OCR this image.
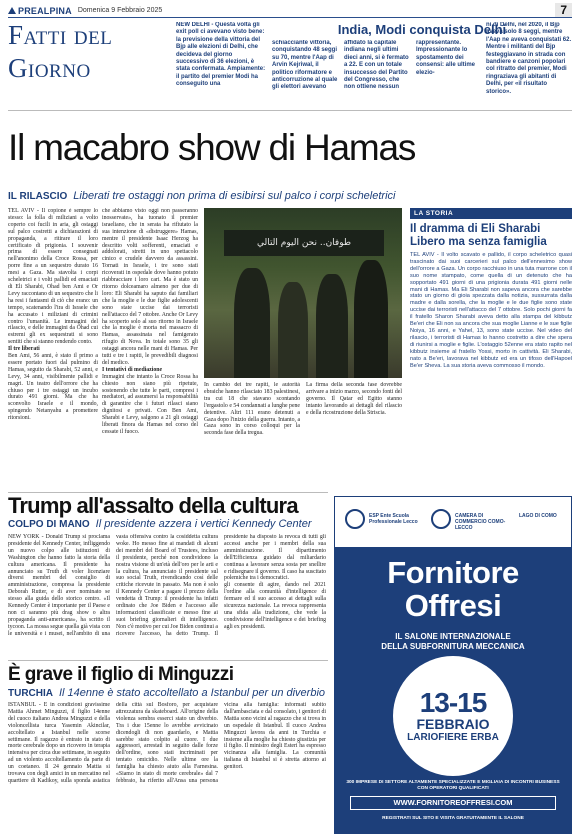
PREALPINA Domenica 9 Febbraio 2025	7
Fatti del
Giorno
NEW DELHI - Questa volta gli exit poll ci avevano visto bene: la previsione della vittoria del Bjp alle elezioni di Delhi, che decideva del giorno successivo di 36 elezioni, è stata confermata. Ampiamente: il partito del premier Modi ha conseguito una
India, Modi conquista Delhi
schiacciante vittoria, conquistando 48 seggi su 70, mentre l'Aap di Arvin Kejriwal, il politico riformatore e anticorruzione al quale gli elettori avevano affidato la capitale indiana negli ultimi dieci anni, si è fermato a 22. E con un totale insuccesso del Partito del Congresso, che non ottiene nessun rappresentante. Impressionante lo spostamento dei consensi: alle ultime elezio-
ni di Delhi, nel 2020, il Bjp aveva solo 8 seggi, mentre l'Aap ne aveva conquistati 62. Mentre i militanti del Bjp festeggiavano in strada con bandiere e canzoni popolari col ritratto del premier, Modi ringraziava gli abitanti di Delhi, per «il risultato storico».
Il macabro show di Hamas
IL RILASCIO Liberati tre ostaggi non prima di esibirsi sul palco i corpi scheletrici

TEL AVIV - Il copione è sempre lo stesso: la folla di miliziani a volto coperto coi fucili in aria, gli ostaggi sul palco costretti a dichiarazioni di propaganda, a ritirare il loro certificato di prigionia. I souvenir prima di essere consegnati nell'anonimo della Croce Rossa, per porre fine a un sequestro durato 16 mesi a Gaza. Ma stavolta i corpi scheletrici e i volti pallidi ed emaciati di Eli Sharabi, Ohad ben Ami e Or Levy raccontano di un sequestro che li ha resi i fantasmi di ciò che erano: un tempo, scatenando l'ira di Israele che ha accusato i miliziani di crimini contro l'umanità. Le immagini del rilascio, e delle immagini da Ohad cui estremi gli ex sequestrati si sono sentiti che si stanno rendendo conto.

Il tre liberati

Ben Ami, 56 anni, è stato il primo a essere portato fuori dal pulmino di Hamas, seguito da Sharabi, 52 anni, e Levy, 34 anni, visibilmente pallidi e magri. Un teatro dell'orrore che ha chiuso per i tre ostaggi un incubo durato 491 giorni. Ma che ha sconvolto Israele e il mondo, spingendo Netanyahu a promettere ritorsioni.

che abbiamo visto oggi non passeranno inosservate», ha tuonato il premier israeliano, che in serata ha rifiutato la sua intenzione di «distruggere» Hamas, mentre il presidente Isaac Herzog ha descritto volti sofferenti, emaciati e addolorati, stretti in uno spettacolo cinico e crudele davvero da assassini. Tornati in Israele, i tre sono stati ricoverati in ospedale dove hanno potuto riabbracciare i loro cari. Ma è stato un ritorno dolceamaro almeno per due di loro: Eli Sharabi ha saputo dai familiari che la moglie e le due figlie adolescenti sono state uccise dai terroristi nell'attacco del 7 ottobre. Anche Or Levy ha scoperto solo al suo ritorno in Israele che la moglie è morta nel massacro di Hamas, assassinata nel famigerato rifugio di Nova. In totale sono 35 gli ostaggi ancora nelle mani di Hamas. Per tutti e tre i rapiti, le prevedibili diagnosi del medico.

I tentativi di mediazione

Immagini che intanto la Croce Rossa ha chiesto non siano più ripetute, sostenendo che tutte le parti, compresi i mediatori, ad assumersi la responsabilità di garantire che i futuri rilasci siano dignitosi e privati. Con Ben Ami, Sharabi e Levy, salgono a 21 gli ostaggi liberati finora da Hamas nel corso del cessate il fuoco.

طوفان.. نحن اليوم التالي
In cambio dei tre rapiti, le autorità ebraiche hanno rilasciato 183 palestinesi, tra cui 18 che stavano scontando l'ergastolo e 54 condannati a lunghe pene detentive. Altri 111 erano detenuti a Gaza dopo l'inizio della guerra. Intanto, a Gaza sono in corso colloqui per la seconda fase della tregua.
La firma della seconda fase dovrebbe arrivare a inizio marzo, secondo fonti del governo. Il Qatar ed Egitto stanno intanto lavorando ai dettagli del rilascio e della ricostruzione della Striscia.
LA STORIA
Il dramma di Eli Sharabi Libero ma senza famiglia
TEL AVIV - Il volto scavato e pallido, il corpo scheletrico quasi trascinato dai suoi carcerieri sul palco dell'ennesimo show dell'orrore a Gaza. Un corpo racchiuso in una tuta marrone con il suo nome stampato, come quella di un detenuto che ha sopportato 491 giorni di una prigionia durata 491 giorni nelle mani di Hamas. Ma Eli Sharabi non sapeva ancora che sarebbe stato un giorno di gioia spezzata dalla notizia, sussurrata dalla madre e dalla sorella, che la moglie e le due figlie sono state uccise dai terroristi nell'attacco del 7 ottobre. Solo pochi giorni fa il fratello Sharon Sharabi aveva detto alla stampa del kibbutz Be'eri che Eli non sa ancora che sua moglie Lianne e le sue figlie Noiya, 16 anni, e Yahel, 13, sono state uccise. Nel video del rilascio, i terroristi di Hamas lo hanno costretto a dire che spera di riunirsi a moglie e figlie. L'ostaggio 52enne era stato rapito nel kibbutz insieme al fratello Yossi, morto in cattività. Eli Sharabi, nato a Be'eri, lavorava nel kibbutz ed era un tifoso dell'Hapoel Be'er Sheva. La sua storia aveva commosso il mondo.
Trump all'assalto della cultura
COLPO DI MANO Il presidente azzera i vertici Kennedy Center

NEW YORK - Donald Trump si proclama presidente del Kennedy Center, infliggendo un nuovo colpo alle istituzioni di Washington che hanno fatto la storia della cultura americana. Il presidente ha annunciato su Truth di voler licenziare diversi membri del consiglio di amministrazione, compresa la presidente Deborah Rutter, e di aver nominato se stesso alla guida dello storico centro. «Il Kennedy Center è importante per il Paese e non ci saranno più drag show o altra propaganda anti-americana», ha scritto il tycoon. La mossa segue quella già vista con le università e i musei, nell'ambito di una vasta offensiva contro la cosiddetta cultura woke. Ho messo fine ai mandati di alcuni dei membri del Board of Trustees, incluso il presidente, perché non condividono la nostra visione di un'età dell'oro per le arti e la cultura, ha annunciato il presidente sul suo social Truth, rivendicando così delle critiche ricevute in passato. Ma non è solo il Kennedy Center a pagare il prezzo della vendetta di Trump: il presidente ha infatti ordinato che Joe Biden e l'accesso alle informazioni classificate e messo fine ai suoi briefing giornalieri di intelligence. Non c'è motivo per cui Joe Biden continui a ricevere l'accesso, ha detto Trump. Il presidente ha disposto la revoca di tutti gli accessi anche per i membri della sua amministrazione. Il dipartimento dell'Efficienza guidato dal miliardario continua a lavorare senza sosta per snellire e ridisegnare il governo. Il caso ha suscitato polemiche tra i democratici.

gli consente di agire, dando nel 2021 l'ordine alla comunità d'intelligence di fermare ed il suo accesso ai dettagli sulla sicurezza nazionale. La revoca rappresenta una sfida alla tradizione, che vede la condivisione dell'intelligence e dei briefing agli ex presidenti.

È grave il figlio di Minguzzi
TURCHIA Il 14enne è stato accoltellato a Istanbul per un diverbio
ISTANBUL - È in condizioni gravissime Mattia Ahmet Minguzzi, il figlio 14enne del cuoco italiano Andrea Minguzzi e della violoncellista turca Yasemin Akincilar, accoltellato a Istanbul nelle scorse settimane. Il ragazzo è entrato in stato di morte cerebrale dopo un ricovero in terapia intensiva per circa due settimane, in seguito ad un violento accoltellamento da parte di un coetaneo. Il 24 gennaio Mattia si trovava con degli amici in un mercatino nel quartiere di Kadikoy, sulla sponda asiatica della città sul Bosforo, per acquistare attrezzatura da skateboard. All'origine della violenza sembra esserci stato un diverbio. Tra i due 15enne lo avrebbe avvicinato dicendogli di non guardarlo, e Mattia sarebbe stato colpito al cuore. I due aggressori, arrestati in seguito dalle forze dell'ordine, sono stati incriminati per tentato omicidio. Nelle ultime ore la famiglia ha chiesto aiuto alla Farnesina. «Siamo in stato di morte cerebrale» dal 7 febbraio, ha riferito all'Ansa una persona vicina alla famiglia: informati subito dall'ambasciata e dal consolato, i genitori di Mattia sono vicini al ragazzo che si trova in un ospedale di Istanbul. Il cuoco Andrea Minguzzi lavora da anni in Turchia e insieme alla moglie ha chiesto giustizia per il figlio. Il ministro degli Esteri ha espresso vicinanza alla famiglia. La comunità italiana di Istanbul si è stretta attorno ai genitori.
ESP Ente Scuola Professionale Lecco
CAMERA DI COMMERCIO COMO-LECCO
LAGO DI COMO
Fornitore
Offresi
IL SALONE INTERNAZIONALE
DELLA SUBFORNITURA MECCANICA
13-15
FEBBRAIO
LARIOFIERE ERBA
300 IMPRESE DI SETTORE ALTAMENTE SPECIALIZZATE E MIGLIAIA DI INCONTRI BUSINESS CON OPERATORI QUALIFICATI
WWW.FORNITOREOFFRESI.COM
REGISTRATI SUL SITO E VISITA GRATUITAMENTE IL SALONE
